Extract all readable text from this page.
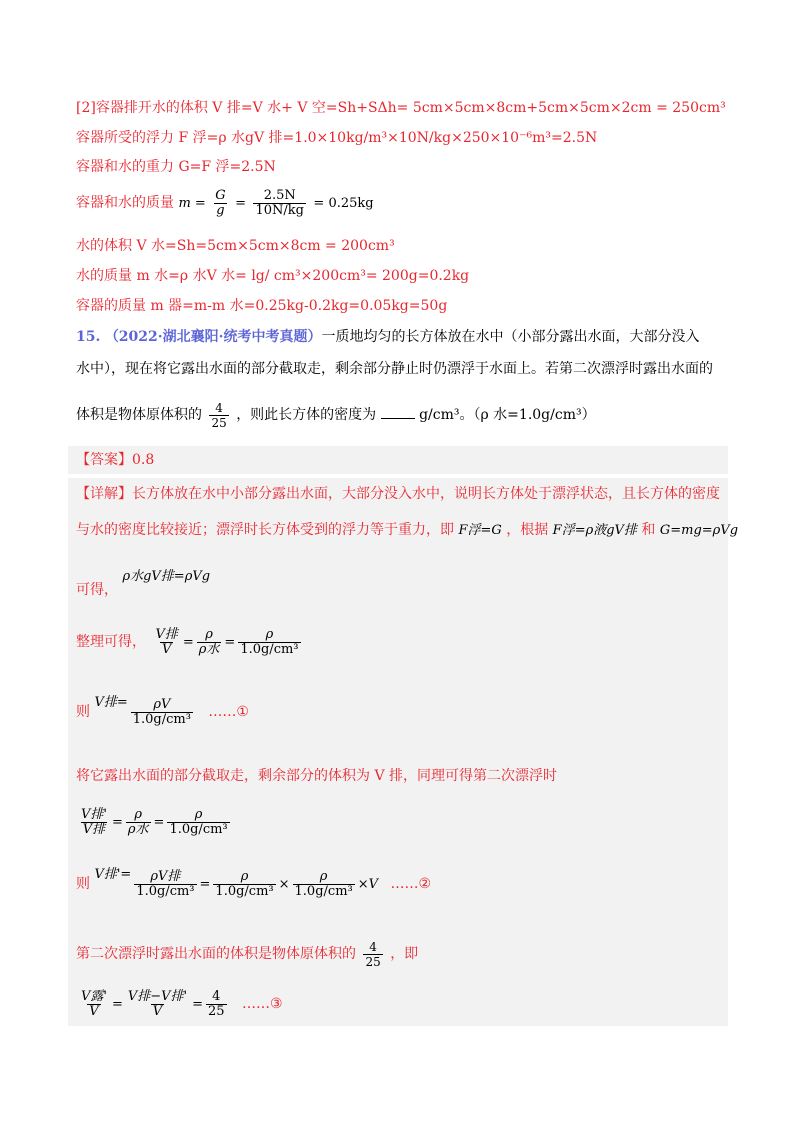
[2]容器排开水的体积 V 排=V 水+ V 空=Sh+SΔh= 5cm×5cm×8cm+5cm×5cm×2cm = 250cm³
容器所受的浮力 F 浮=ρ 水gV 排=1.0×10kg/m³×10N/kg×250×10⁻⁶m³=2.5N
容器和水的重力 G=F 浮=2.5N
容器和水的质量 $m = \frac{G}{g} = \frac{2.5N}{10N/kg} = 0.25kg$
水的体积 V 水=Sh=5cm×5cm×8cm = 200cm³
水的质量 m 水=ρ 水V 水= lg/ cm³×200cm³= 200g=0.2kg
容器的质量 m 器=m-m 水=0.25kg-0.2kg=0.05kg=50g
15. （2022·湖北襄阳·统考中考真题）一质地均匀的长方体放在水中（小部分露出水面，大部分没入
水中），现在将它露出水面的部分截取走，剩余部分静止时仍漂浮于水面上。若第二次漂浮时露出水面的
体积是物体原体积的 $\frac{4}{25}$ ，则此长方体的密度为	g/cm³。（ρ 水=1.0g/cm³）
【答案】0.8
【详解】长方体放在水中小部分露出水面，大部分没入水中，说明长方体处于漂浮状态，且长方体的密度
与水的密度比较接近；漂浮时长方体受到的浮力等于重力，即 F浮=G ，根据 F浮=ρ液gV排 和 G=mg=ρVg
可得， ρ水gV排=ρVg
整理可得， $\frac{\text{V排}}{V} = \frac{\rho}{\text{ρ水}} = \frac{\rho}{\text{1.0g/cm³}}$
则 V排= $\frac{\rho V}{\text{1.0g/cm³}}$ ……①
将它露出水面的部分截取走，剩余部分的体积为 V 排，同理可得第二次漂浮时
$\frac{\text{V排'}}{\text{V排}} = \frac{\rho}{\text{ρ水}} = \frac{\rho}{\text{1.0g/cm³}}$
则 V排'= $\frac{\text{ρV排}}{\text{1.0g/cm³}} = \frac{\rho}{\text{1.0g/cm³}} \times \frac{\rho}{\text{1.0g/cm³}} \times V$ ……②
第二次漂浮时露出水面的体积是物体原体积的 $\frac{4}{25}$ ，即
$\frac{\text{V露'}}{V} = \frac{\text{V排−V排'}}{V} = \frac{4}{25}$ ……③
